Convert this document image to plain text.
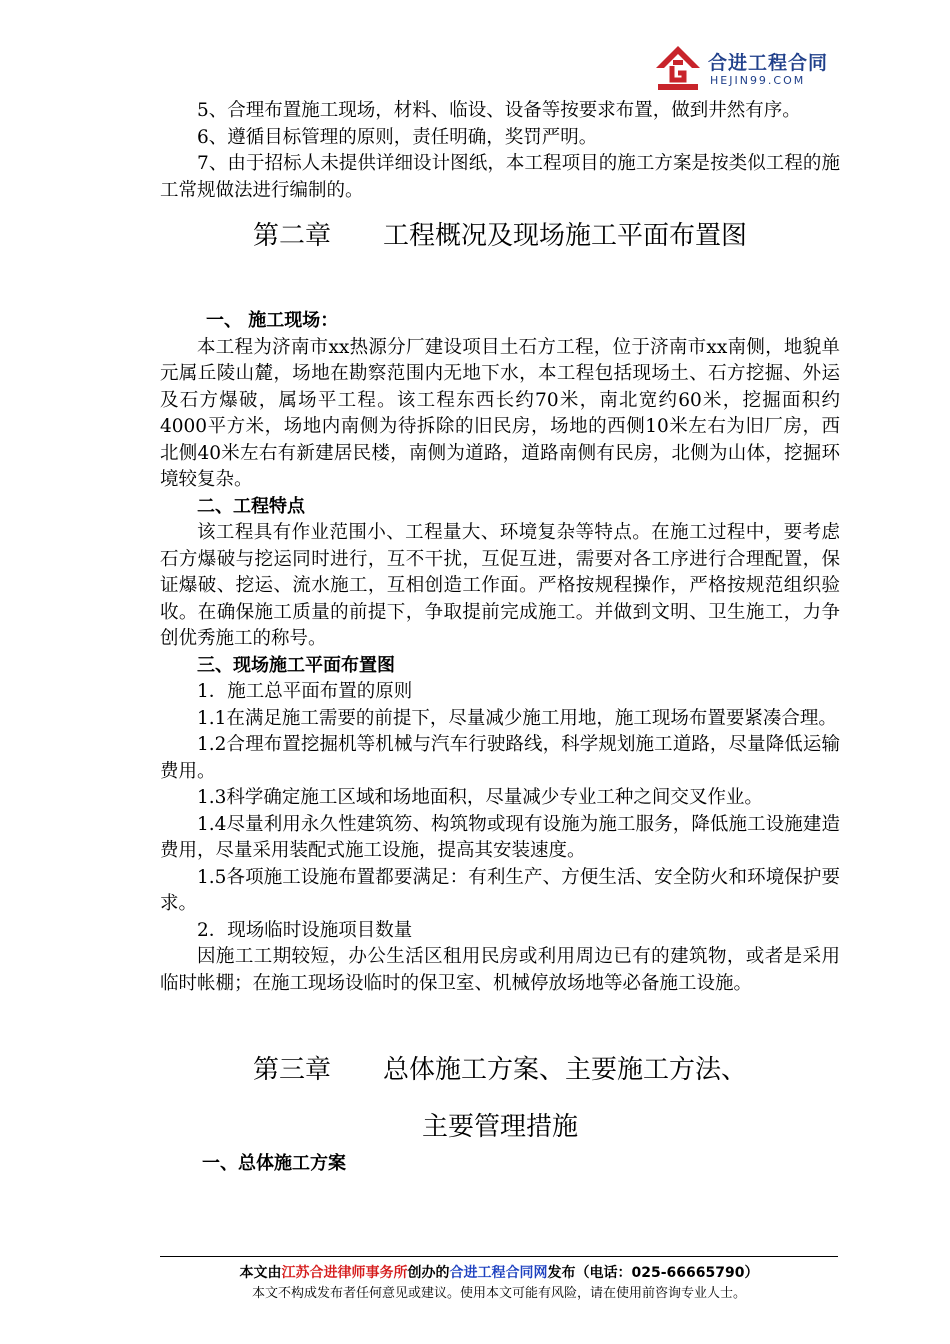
合进工程合同
HEJIN99.COM

5、合理布置施工现场，材料、临设、设备等按要求布置，做到井然有序。

6、遵循目标管理的原则，责任明确，奖罚严明。

7、由于招标人未提供详细设计图纸，本工程项目的施工方案是按类似工程的施工常规做法进行编制的。

第二章 工程概况及现场施工平面布置图

一、 施工现场：

本工程为济南市xx热源分厂建设项目土石方工程，位于济南市xx南侧，地貌单元属丘陵山麓，场地在勘察范围内无地下水，本工程包括现场土、石方挖掘、外运及石方爆破，属场平工程。该工程东西长约70米，南北宽约60米，挖掘面积约4000平方米，场地内南侧为待拆除的旧民房，场地的西侧10米左右为旧厂房，西北侧40米左右有新建居民楼，南侧为道路，道路南侧有民房，北侧为山体，挖掘环境较复杂。

二、工程特点

该工程具有作业范围小、工程量大、环境复杂等特点。在施工过程中，要考虑石方爆破与挖运同时进行，互不干扰，互促互进，需要对各工序进行合理配置，保证爆破、挖运、流水施工，互相创造工作面。严格按规程操作，严格按规范组织验收。在确保施工质量的前提下，争取提前完成施工。并做到文明、卫生施工，力争创优秀施工的称号。

三、现场施工平面布置图

1．施工总平面布置的原则

1.1在满足施工需要的前提下，尽量减少施工用地，施工现场布置要紧凑合理。

1.2合理布置挖掘机等机械与汽车行驶路线，科学规划施工道路，尽量降低运输费用。

1.3科学确定施工区域和场地面积，尽量减少专业工种之间交叉作业。

1.4尽量利用永久性建筑笏、构筑物或现有设施为施工服务，降低施工设施建造费用，尽量采用装配式施工设施，提高其安装速度。

1.5各项施工设施布置都要满足：有利生产、方便生活、安全防火和环境保护要求。

2．现场临时设施项目数量

因施工工期较短，办公生活区租用民房或利用周边已有的建筑物，或者是采用临时帐棚；在施工现场设临时的保卫室、机械停放场地等必备施工设施。

第三章 总体施工方案、主要施工方法、

主要管理措施

一、总体施工方案

本文由江苏合进律师事务所创办的合进工程合同网发布（电话：025-66665790）
本文不构成发布者任何意见或建议。使用本文可能有风险，请在使用前咨询专业人士。
